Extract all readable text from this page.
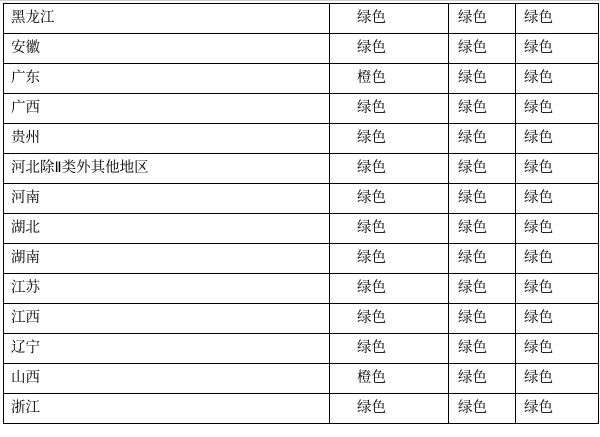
黑龙江	绿色	绿色	绿色
安徽	绿色	绿色	绿色
广东	橙色	绿色	绿色
广西	绿色	绿色	绿色
贵州	绿色	绿色	绿色
河北除Ⅱ类外其他地区	绿色	绿色	绿色
河南	绿色	绿色	绿色
湖北	绿色	绿色	绿色
湖南	绿色	绿色	绿色
江苏	绿色	绿色	绿色
江西	绿色	绿色	绿色
辽宁	绿色	绿色	绿色
山西	橙色	绿色	绿色
浙江	绿色	绿色	绿色
